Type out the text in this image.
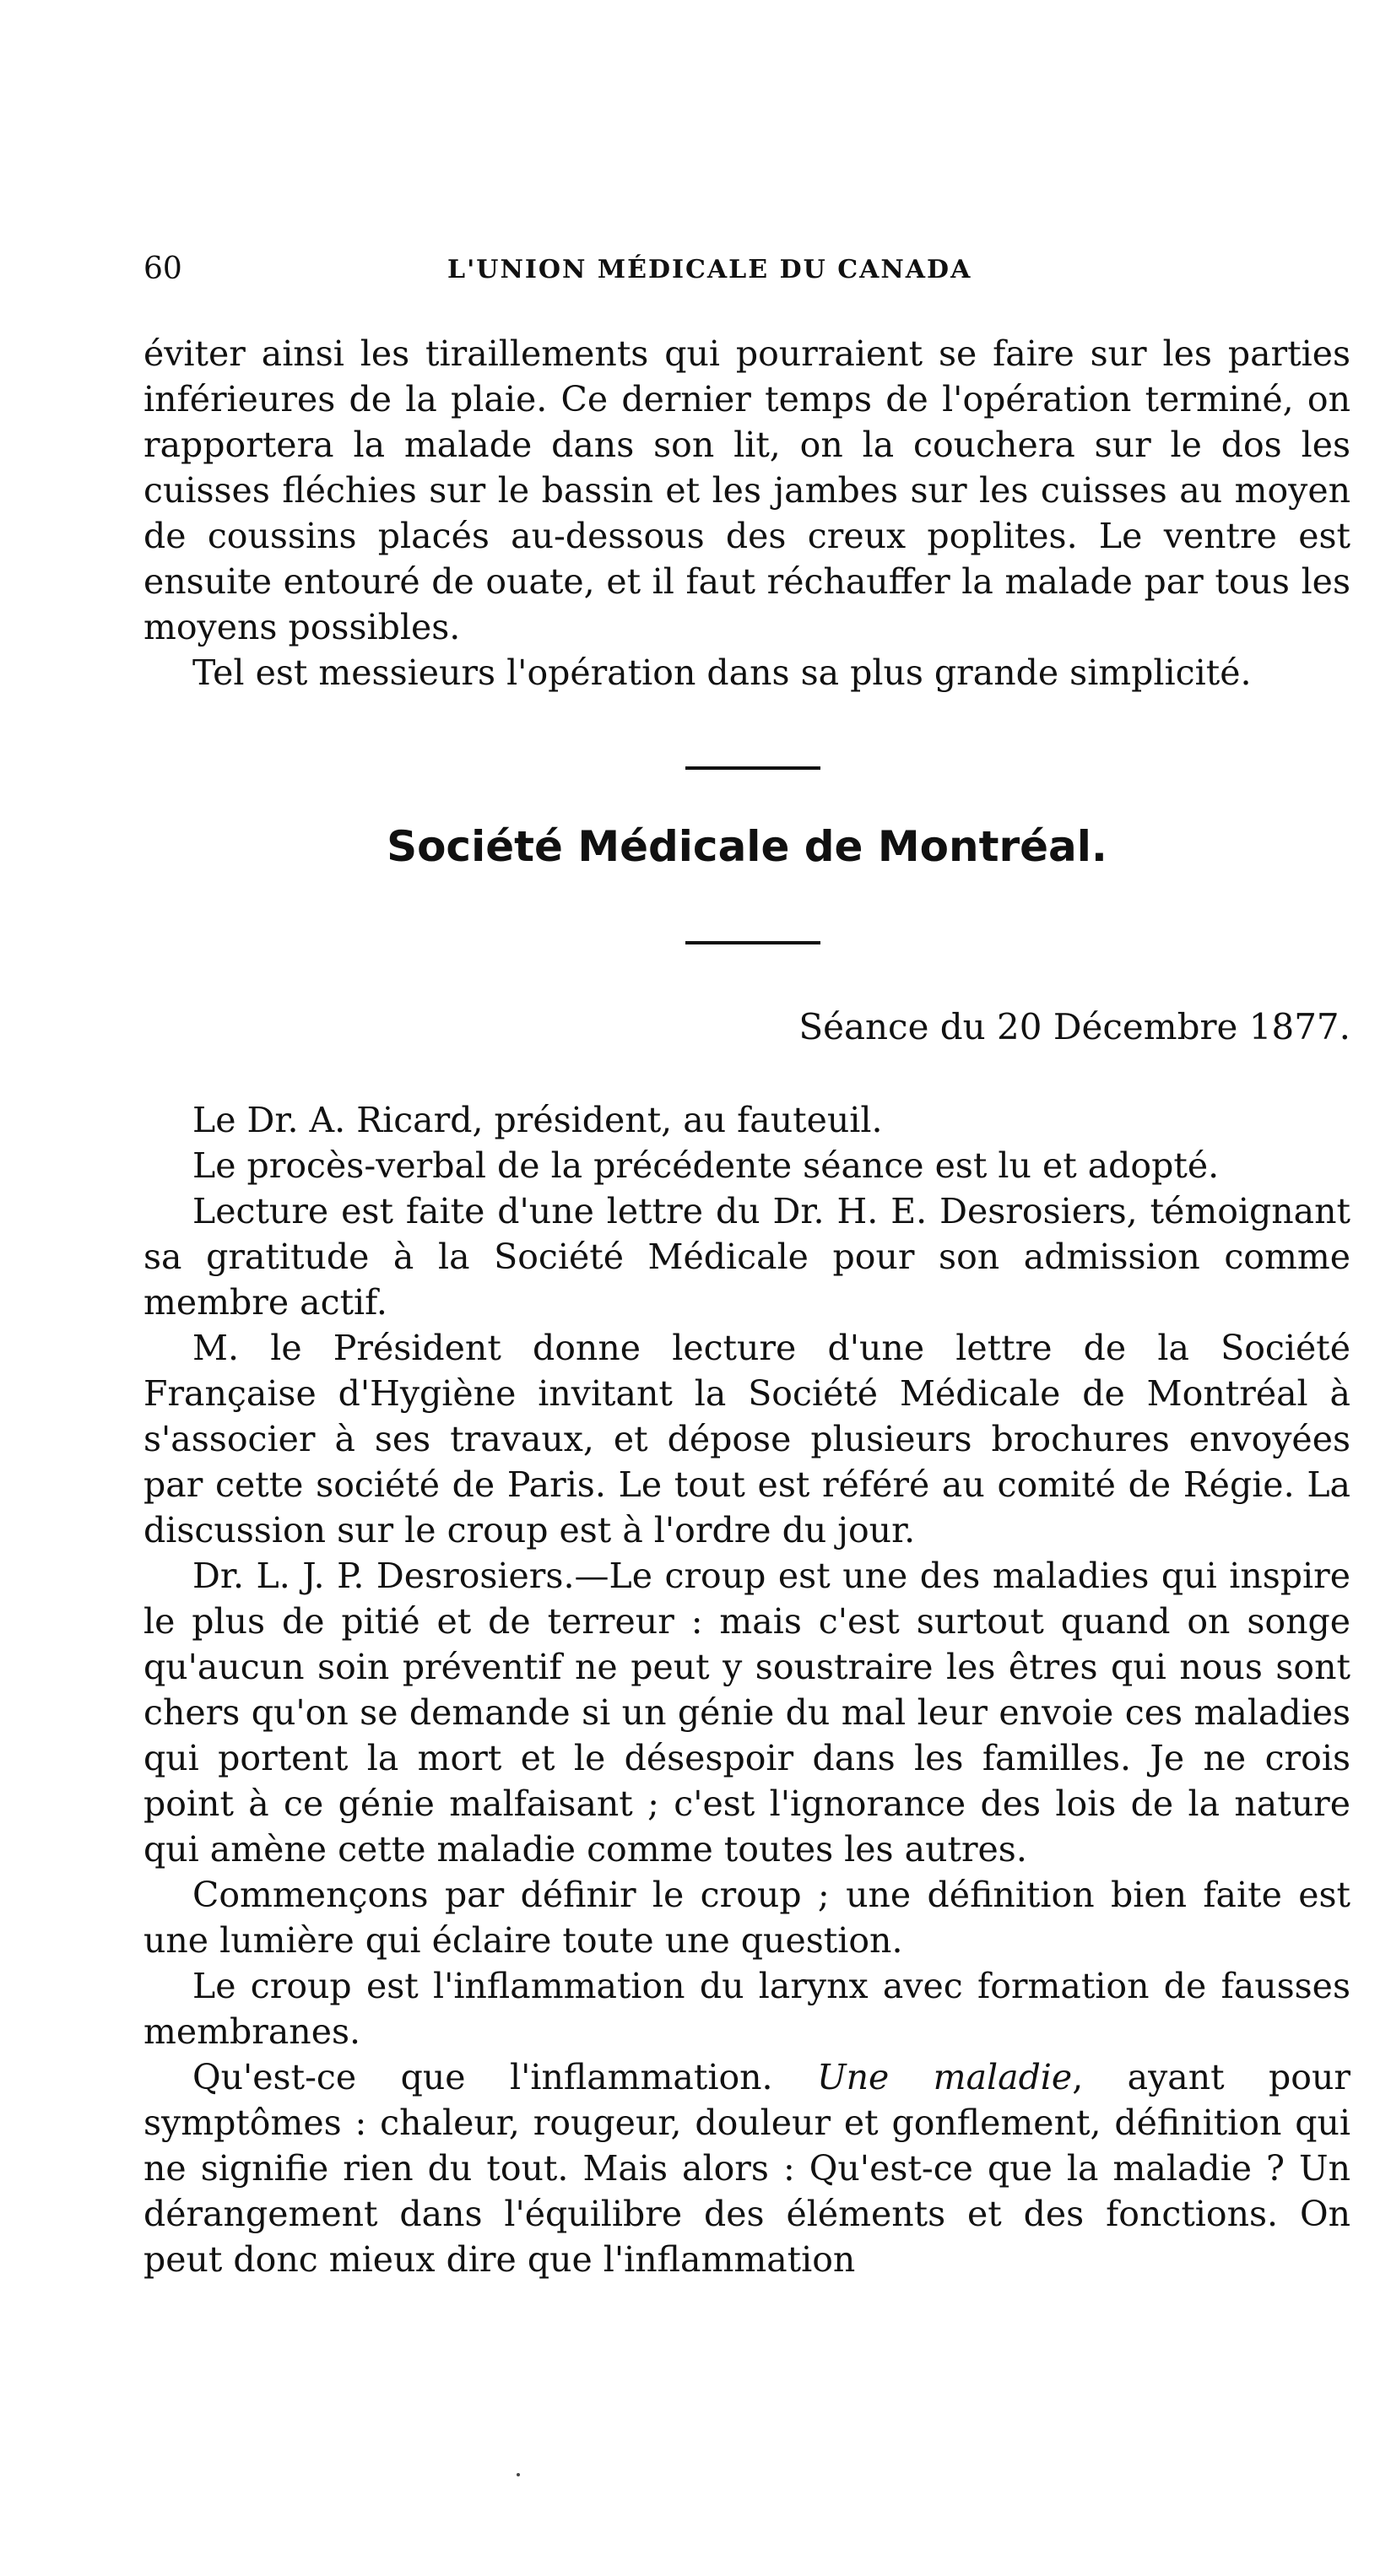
60	L'UNION MÉDICALE DU CANADA

éviter ainsi les tiraillements qui pourraient se faire sur les parties inférieures de la plaie. Ce dernier temps de l'opération terminé, on rapportera la malade dans son lit, on la couchera sur le dos les cuisses fléchies sur le bassin et les jambes sur les cuisses au moyen de coussins placés au-dessous des creux poplites. Le ventre est ensuite entouré de ouate, et il faut réchauffer la malade par tous les moyens possibles.

Tel est messieurs l'opération dans sa plus grande simplicité.

Société Médicale de Montréal.
Séance du 20 Décembre 1877.

Le Dr. A. Ricard, président, au fauteuil.

Le procès-verbal de la précédente séance est lu et adopté.

Lecture est faite d'une lettre du Dr. H. E. Desrosiers, témoignant sa gratitude à la Société Médicale pour son admission comme membre actif.

M. le Président donne lecture d'une lettre de la Société Française d'Hygiène invitant la Société Médicale de Montréal à s'associer à ses travaux, et dépose plusieurs brochures envoyées par cette société de Paris. Le tout est référé au comité de Régie. La discussion sur le croup est à l'ordre du jour.

Dr. L. J. P. Desrosiers.—Le croup est une des maladies qui inspire le plus de pitié et de terreur : mais c'est surtout quand on songe qu'aucun soin préventif ne peut y soustraire les êtres qui nous sont chers qu'on se demande si un génie du mal leur envoie ces maladies qui portent la mort et le désespoir dans les familles. Je ne crois point à ce génie malfaisant ; c'est l'ignorance des lois de la nature qui amène cette maladie comme toutes les autres.

Commençons par définir le croup ; une définition bien faite est une lumière qui éclaire toute une question.

Le croup est l'inflammation du larynx avec formation de fausses membranes.

Qu'est-ce que l'inflammation. Une maladie, ayant pour symptômes : chaleur, rougeur, douleur et gonflement, définition qui ne signifie rien du tout. Mais alors : Qu'est-ce que la maladie ? Un dérangement dans l'équilibre des éléments et des fonctions. On peut donc mieux dire que l'inflammation
